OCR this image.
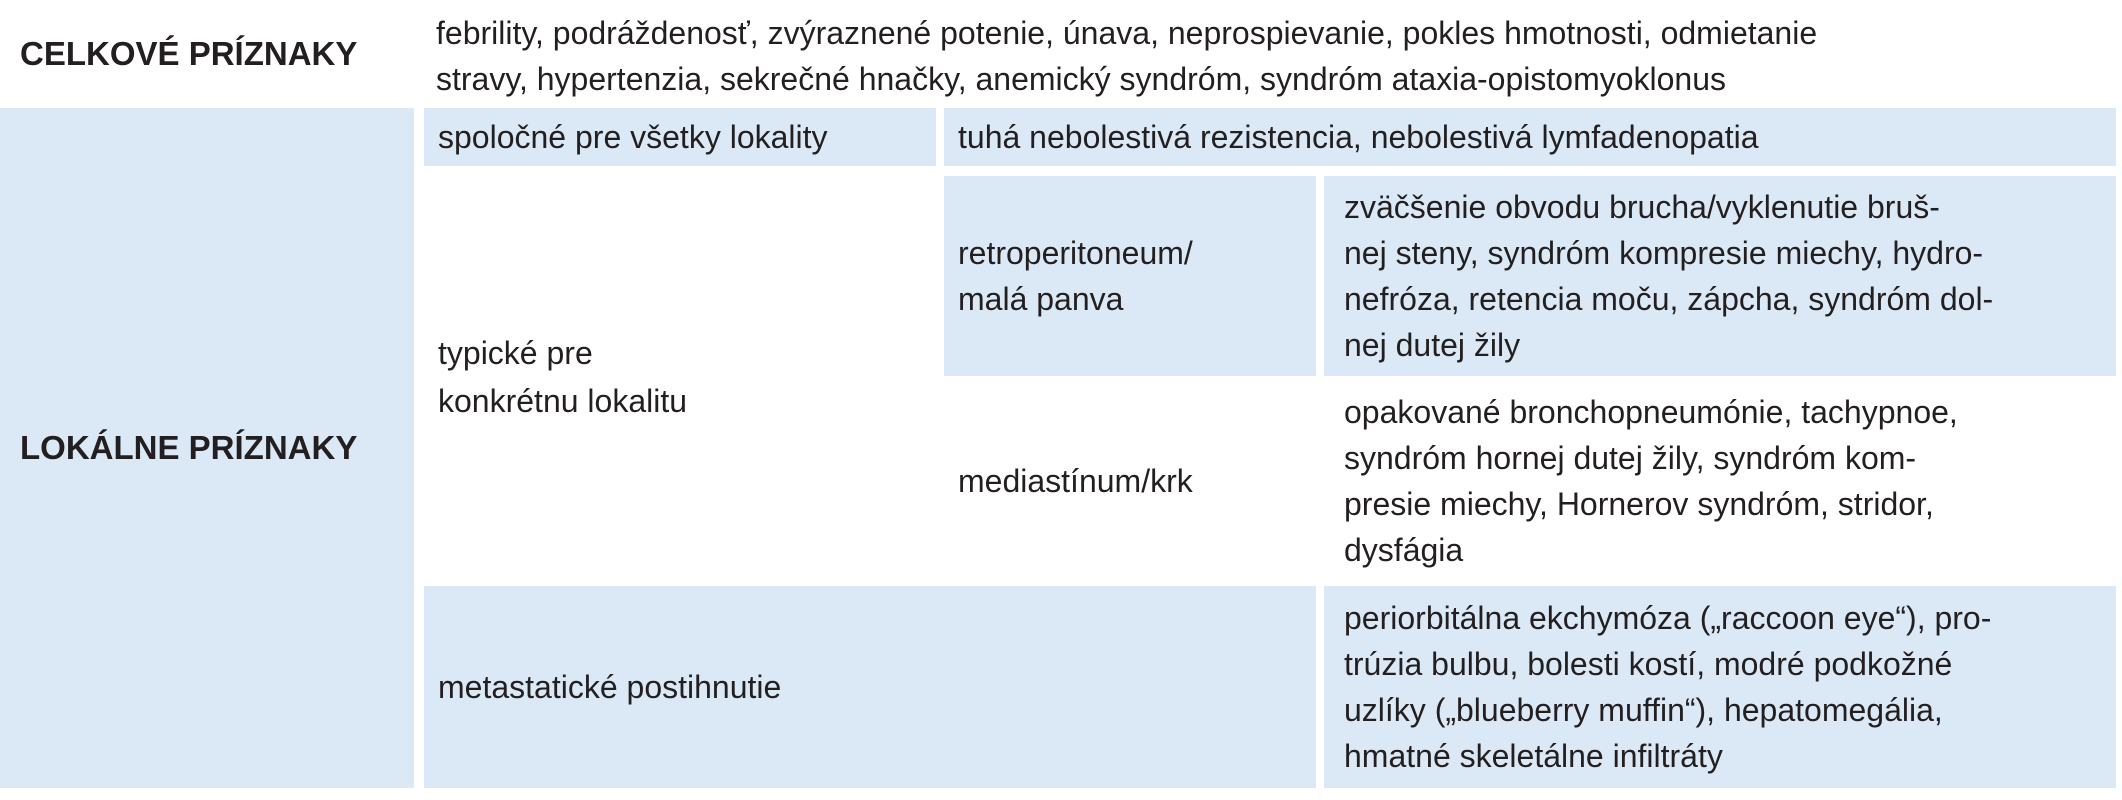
CELKOVÉ PRÍZNAKY
febrility, podráždenosť, zvýraznené potenie, únava, neprospievanie, pokles hmotnosti, odmietanie
stravy, hypertenzia, sekrečné hnačky, anemický syndróm, syndróm ataxia-opistomyoklonus
LOKÁLNE PRÍZNAKY
spoločné pre všetky lokality	tuhá nebolestivá rezistencia, nebolestivá lymfadenopatia
typické pre
konkrétnu lokalitu
retroperitoneum/
malá panva
zväčšenie obvodu brucha/vyklenutie bruš-
nej steny, syndróm kompresie miechy, hydro-
nefróza, retencia moču, zápcha, syndróm dol-
nej dutej žily
mediastínum/krk
opakované bronchopneumónie, tachypnoe,
syndróm hornej dutej žily, syndróm kom-
presie miechy, Hornerov syndróm, stridor,
dysfágia
metastatické postihnutie
periorbitálna ekchymóza („raccoon eye“), pro-
trúzia bulbu, bolesti kostí, modré podkožné
uzlíky („blueberry muffin“), hepatomegália,
hmatné skeletálne infiltráty
